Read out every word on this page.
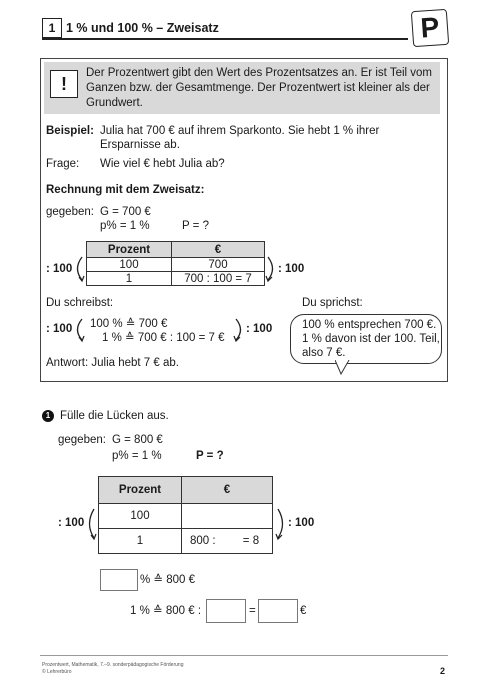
1 1 % und 100 % – Zweisatz	P
!
Der Prozentwert gibt den Wert des Prozentsatzes an. Er ist Teil vom
Ganzen bzw. der Gesamtmenge. Der Prozentwert ist kleiner als der
Grundwert.
Beispiel: Julia hat 700 € auf ihrem Sparkonto. Sie hebt 1 % ihrer
Ersparnisse ab.
Frage: Wie viel € hebt Julia ab?
Rechnung mit dem Zweisatz:
gegeben: G = 700 €
p% = 1 %	P = ?
: 100
Prozent	€
100	700
1	700 : 100 = 7
: 100
Du schreibst:	Du sprichst:
: 100 100 % ≙ 700 €
1 % ≙ 700 € : 100 = 7 €
: 100	100 % entsprechen 700 €.
1 % davon ist der 100. Teil,
also 7 €.
Antwort: Julia hebt 7 € ab.
1 Fülle die Lücken aus.
gegeben: G = 800 €
p% = 1 %	P = ?
: 100
Prozent	€
100	
1	800 : = 8
: 100
% ≙ 800 €
1 % ≙ 800 € :	=	€
Prozentwert, Mathematik, 7.–9. sonderpädagogische Förderung
© Lehrerbüro	2
